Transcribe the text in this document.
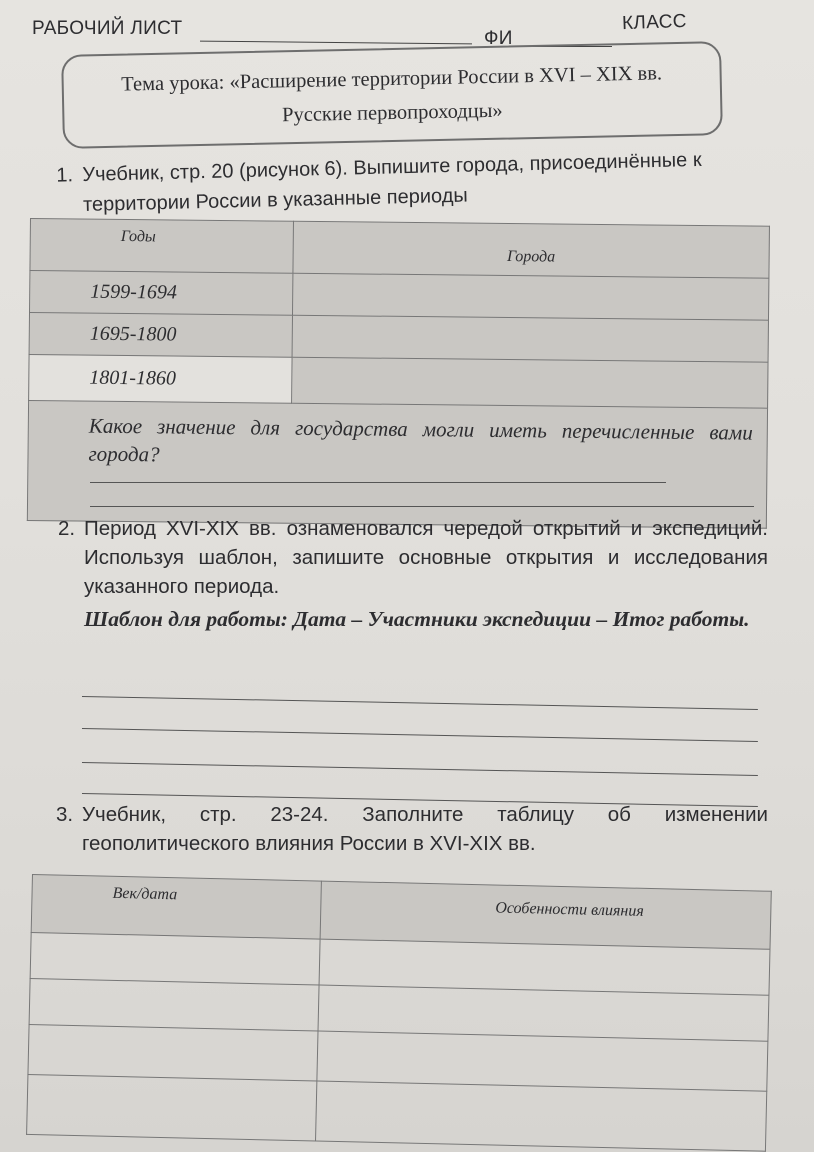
РАБОЧИЙ ЛИСТ	ФИ
КЛАСС
Тема урока: «Расширение территории России в XVI – XIX вв.
Русские первопроходцы»
1. Учебник, стр. 20 (рисунок 6). Выпишите города, присоединённые к
территории России в указанные периоды
Годы	Города
1599-1694	
1695-1800	
1801-1860	

Какое значение для государства могли иметь перечисленные вами города?	
2. Период XVI-XIX вв. ознаменовался чередой открытий и экспедиций. Используя шаблон, запишите основные открытия и исследования указанного периода.
Шаблон для работы: Дата – Участники экспедиции – Итог работы.
3. Учебник, стр. 23-24. Заполните таблицу об изменении геополитического влияния России в XVI-XIX вв.
Век/дата	Особенности влияния
